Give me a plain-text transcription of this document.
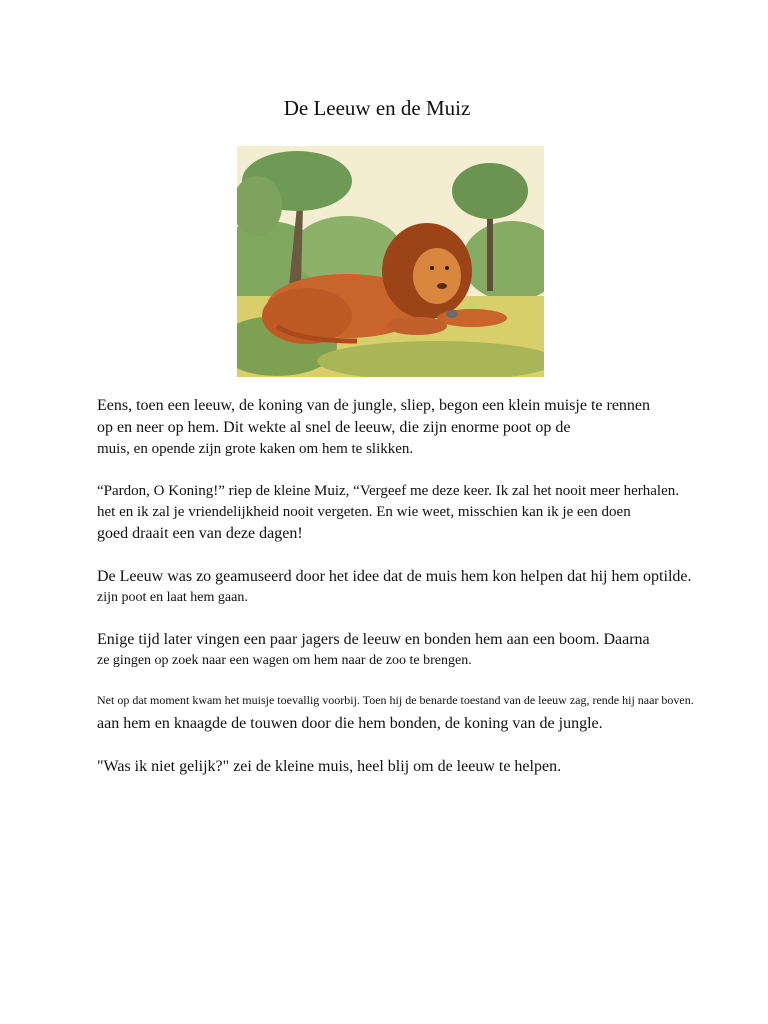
De Leeuw en de Muiz
Eens, toen een leeuw, de koning van de jungle, sliep, begon een klein muisje te rennen
op en neer op hem. Dit wekte al snel de leeuw, die zijn enorme poot op de
muis, en opende zijn grote kaken om hem te slikken.
“Pardon, O Koning!” riep de kleine Muiz, “Vergeef me deze keer. Ik zal het nooit meer herhalen.
het en ik zal je vriendelijkheid nooit vergeten. En wie weet, misschien kan ik je een doen
goed draait een van deze dagen!
De Leeuw was zo geamuseerd door het idee dat de muis hem kon helpen dat hij hem optilde.
zijn poot en laat hem gaan.
Enige tijd later vingen een paar jagers de leeuw en bonden hem aan een boom. Daarna
ze gingen op zoek naar een wagen om hem naar de zoo te brengen.
Net op dat moment kwam het muisje toevallig voorbij. Toen hij de benarde toestand van de leeuw zag, rende hij naar boven.
aan hem en knaagde de touwen door die hem bonden, de koning van de jungle.
"Was ik niet gelijk?" zei de kleine muis, heel blij om de leeuw te helpen.
